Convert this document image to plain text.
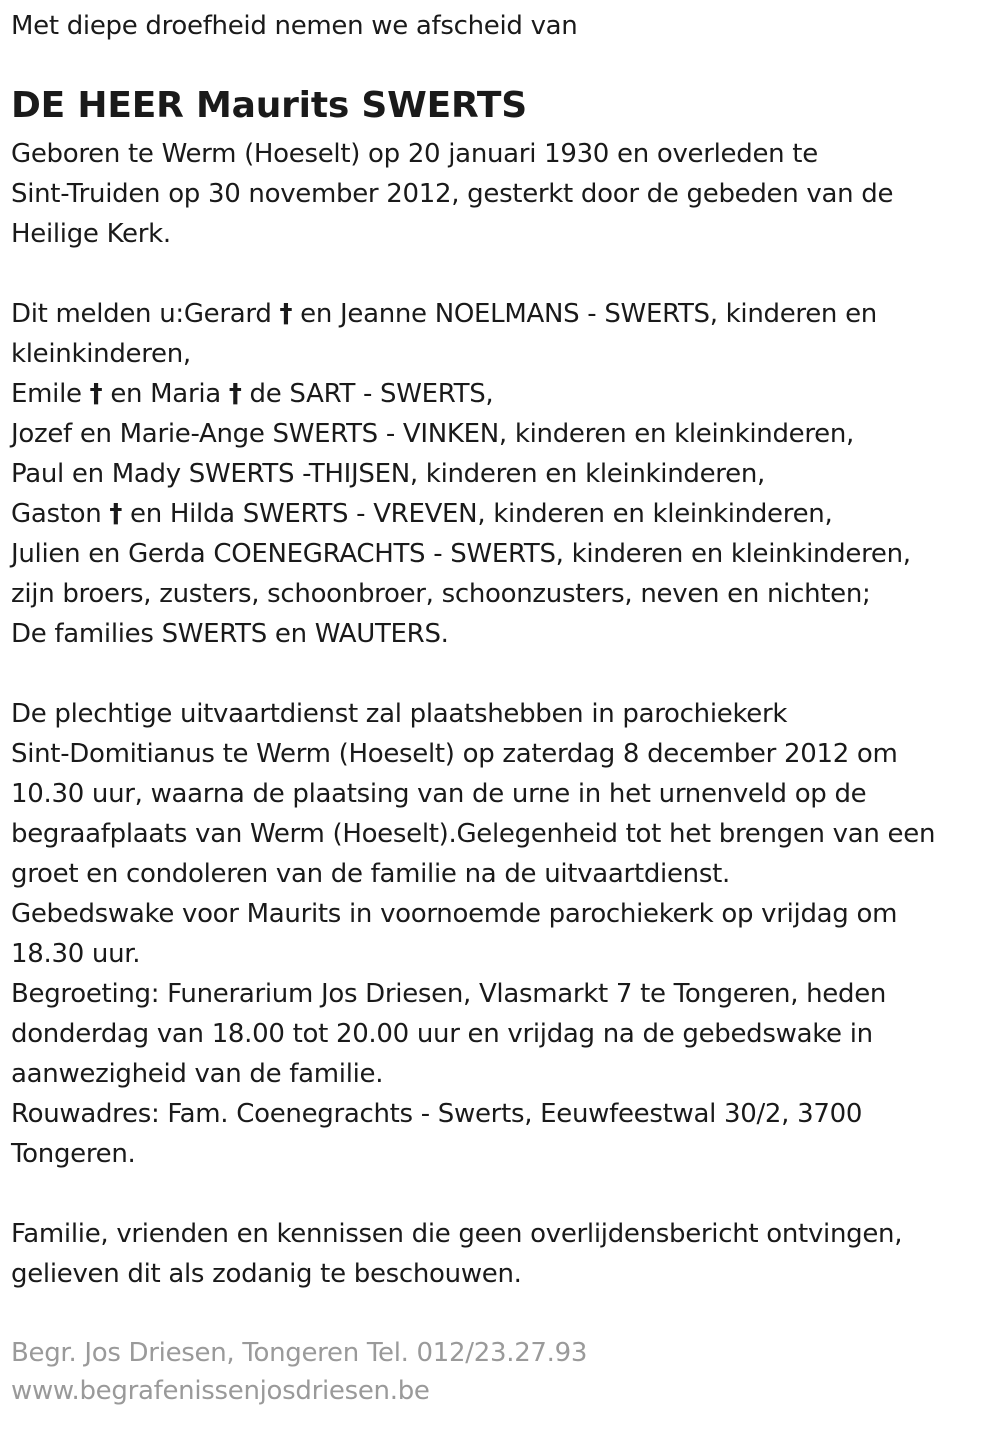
Met diepe droefheid nemen we afscheid van
DE HEER Maurits SWERTS
Geboren te Werm (Hoeselt) op 20 januari 1930 en overleden te
Sint-Truiden op 30 november 2012, gesterkt door de gebeden van de
Heilige Kerk.
Dit melden u:Gerard † en Jeanne NOELMANS - SWERTS, kinderen en
kleinkinderen,
Emile † en Maria † de SART - SWERTS,
Jozef en Marie-Ange SWERTS - VINKEN, kinderen en kleinkinderen,
Paul en Mady SWERTS -THIJSEN, kinderen en kleinkinderen,
Gaston † en Hilda SWERTS - VREVEN, kinderen en kleinkinderen,
Julien en Gerda COENEGRACHTS - SWERTS, kinderen en kleinkinderen,
zijn broers, zusters, schoonbroer, schoonzusters, neven en nichten;
De families SWERTS en WAUTERS.
De plechtige uitvaartdienst zal plaatshebben in parochiekerk
Sint-Domitianus te Werm (Hoeselt) op zaterdag 8 december 2012 om
10.30 uur, waarna de plaatsing van de urne in het urnenveld op de
begraafplaats van Werm (Hoeselt).Gelegenheid tot het brengen van een
groet en condoleren van de familie na de uitvaartdienst.
Gebedswake voor Maurits in voornoemde parochiekerk op vrijdag om
18.30 uur.
Begroeting: Funerarium Jos Driesen, Vlasmarkt 7 te Tongeren, heden
donderdag van 18.00 tot 20.00 uur en vrijdag na de gebedswake in
aanwezigheid van de familie.
Rouwadres: Fam. Coenegrachts - Swerts, Eeuwfeestwal 30/2, 3700
Tongeren.
Familie, vrienden en kennissen die geen overlijdensbericht ontvingen,
gelieven dit als zodanig te beschouwen.
Begr. Jos Driesen, Tongeren Tel. 012/23.27.93
www.begrafenissenjosdriesen.be
